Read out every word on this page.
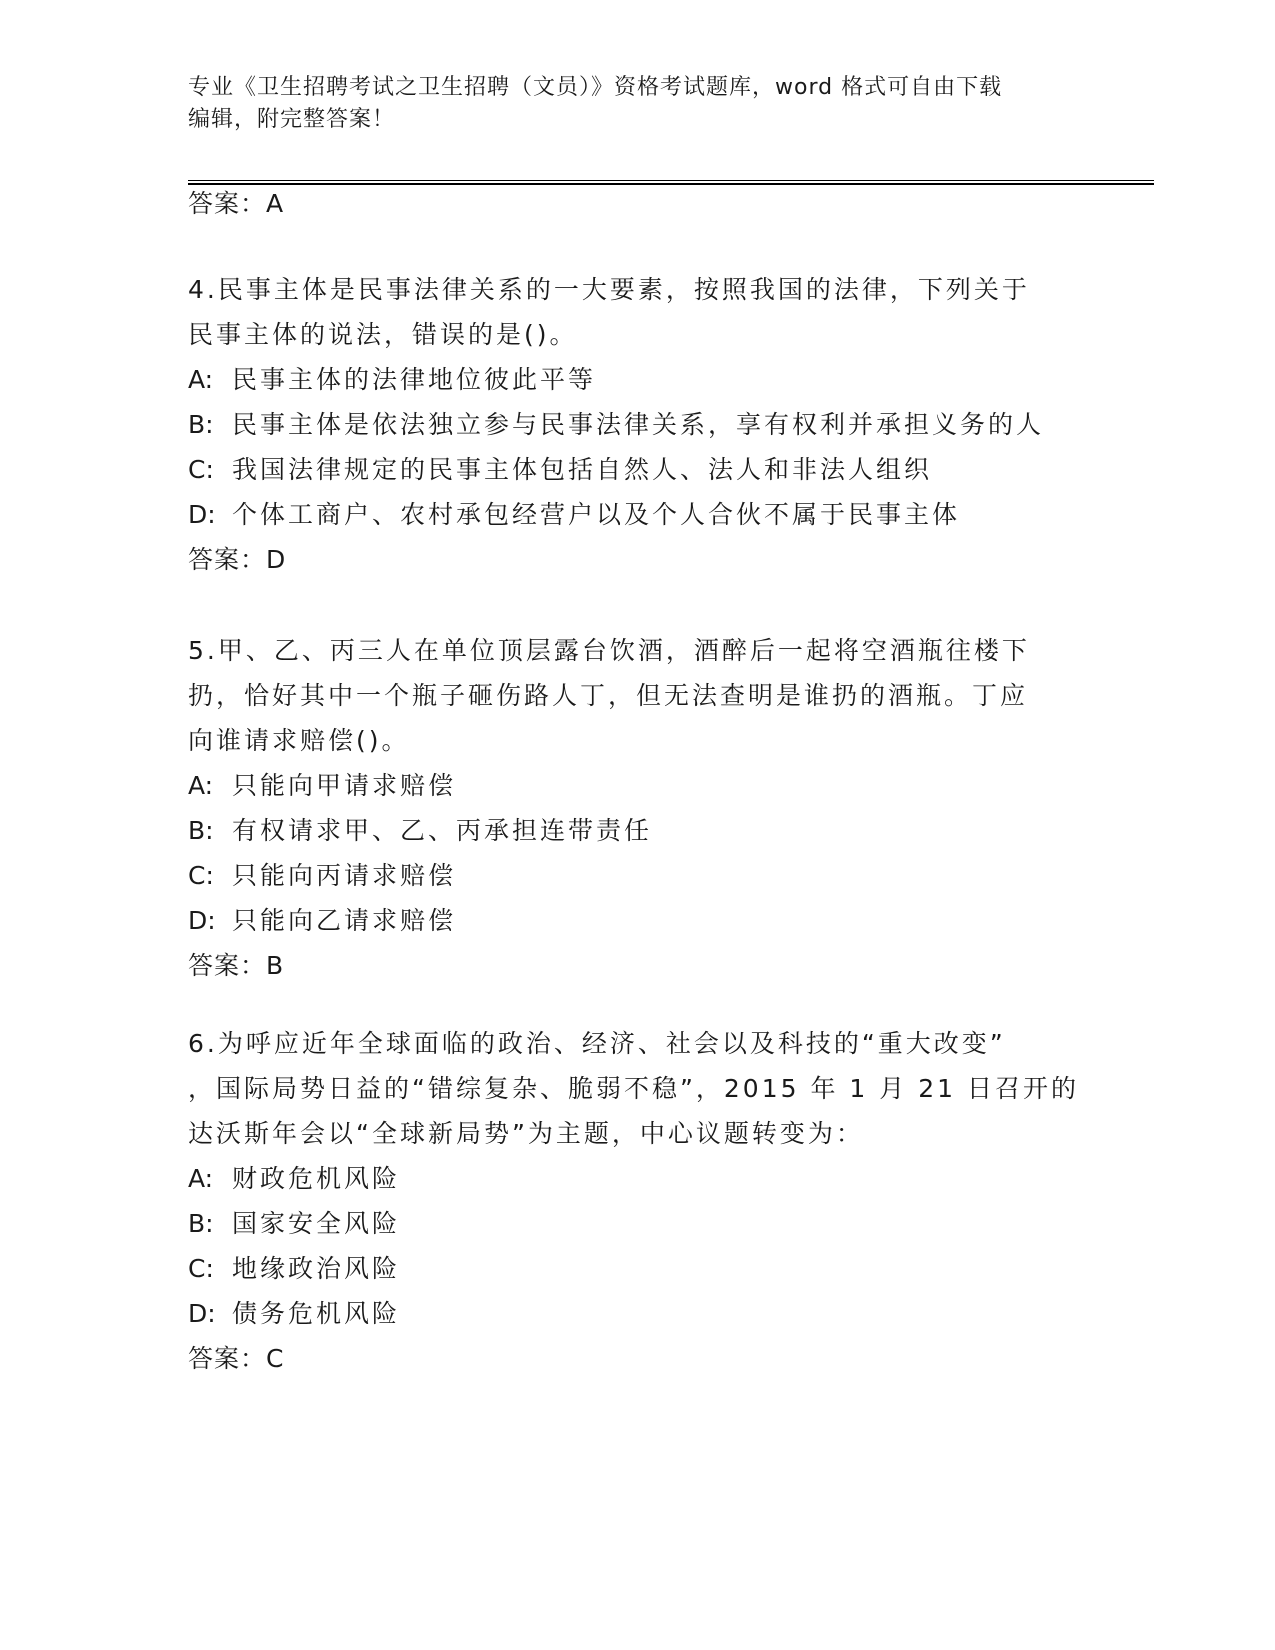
专业《卫生招聘考试之卫生招聘（文员）》资格考试题库，word 格式可自由下载
编辑，附完整答案！
答案：A
4.民事主体是民事法律关系的一大要素，按照我国的法律，下列关于
民事主体的说法，错误的是()。
A: 民事主体的法律地位彼此平等
B: 民事主体是依法独立参与民事法律关系，享有权利并承担义务的人
C: 我国法律规定的民事主体包括自然人、法人和非法人组织
D: 个体工商户、农村承包经营户以及个人合伙不属于民事主体
答案：D
5.甲、乙、丙三人在单位顶层露台饮酒，酒醉后一起将空酒瓶往楼下
扔，恰好其中一个瓶子砸伤路人丁，但无法查明是谁扔的酒瓶。丁应
向谁请求赔偿()。
A: 只能向甲请求赔偿
B: 有权请求甲、乙、丙承担连带责任
C: 只能向丙请求赔偿
D: 只能向乙请求赔偿
答案：B
6.为呼应近年全球面临的政治、经济、社会以及科技的“重大改变”
，国际局势日益的“错综复杂、脆弱不稳”，2015 年 1 月 21 日召开的
达沃斯年会以“全球新局势”为主题，中心议题转变为：
A: 财政危机风险
B: 国家安全风险
C: 地缘政治风险
D: 债务危机风险
答案：C
